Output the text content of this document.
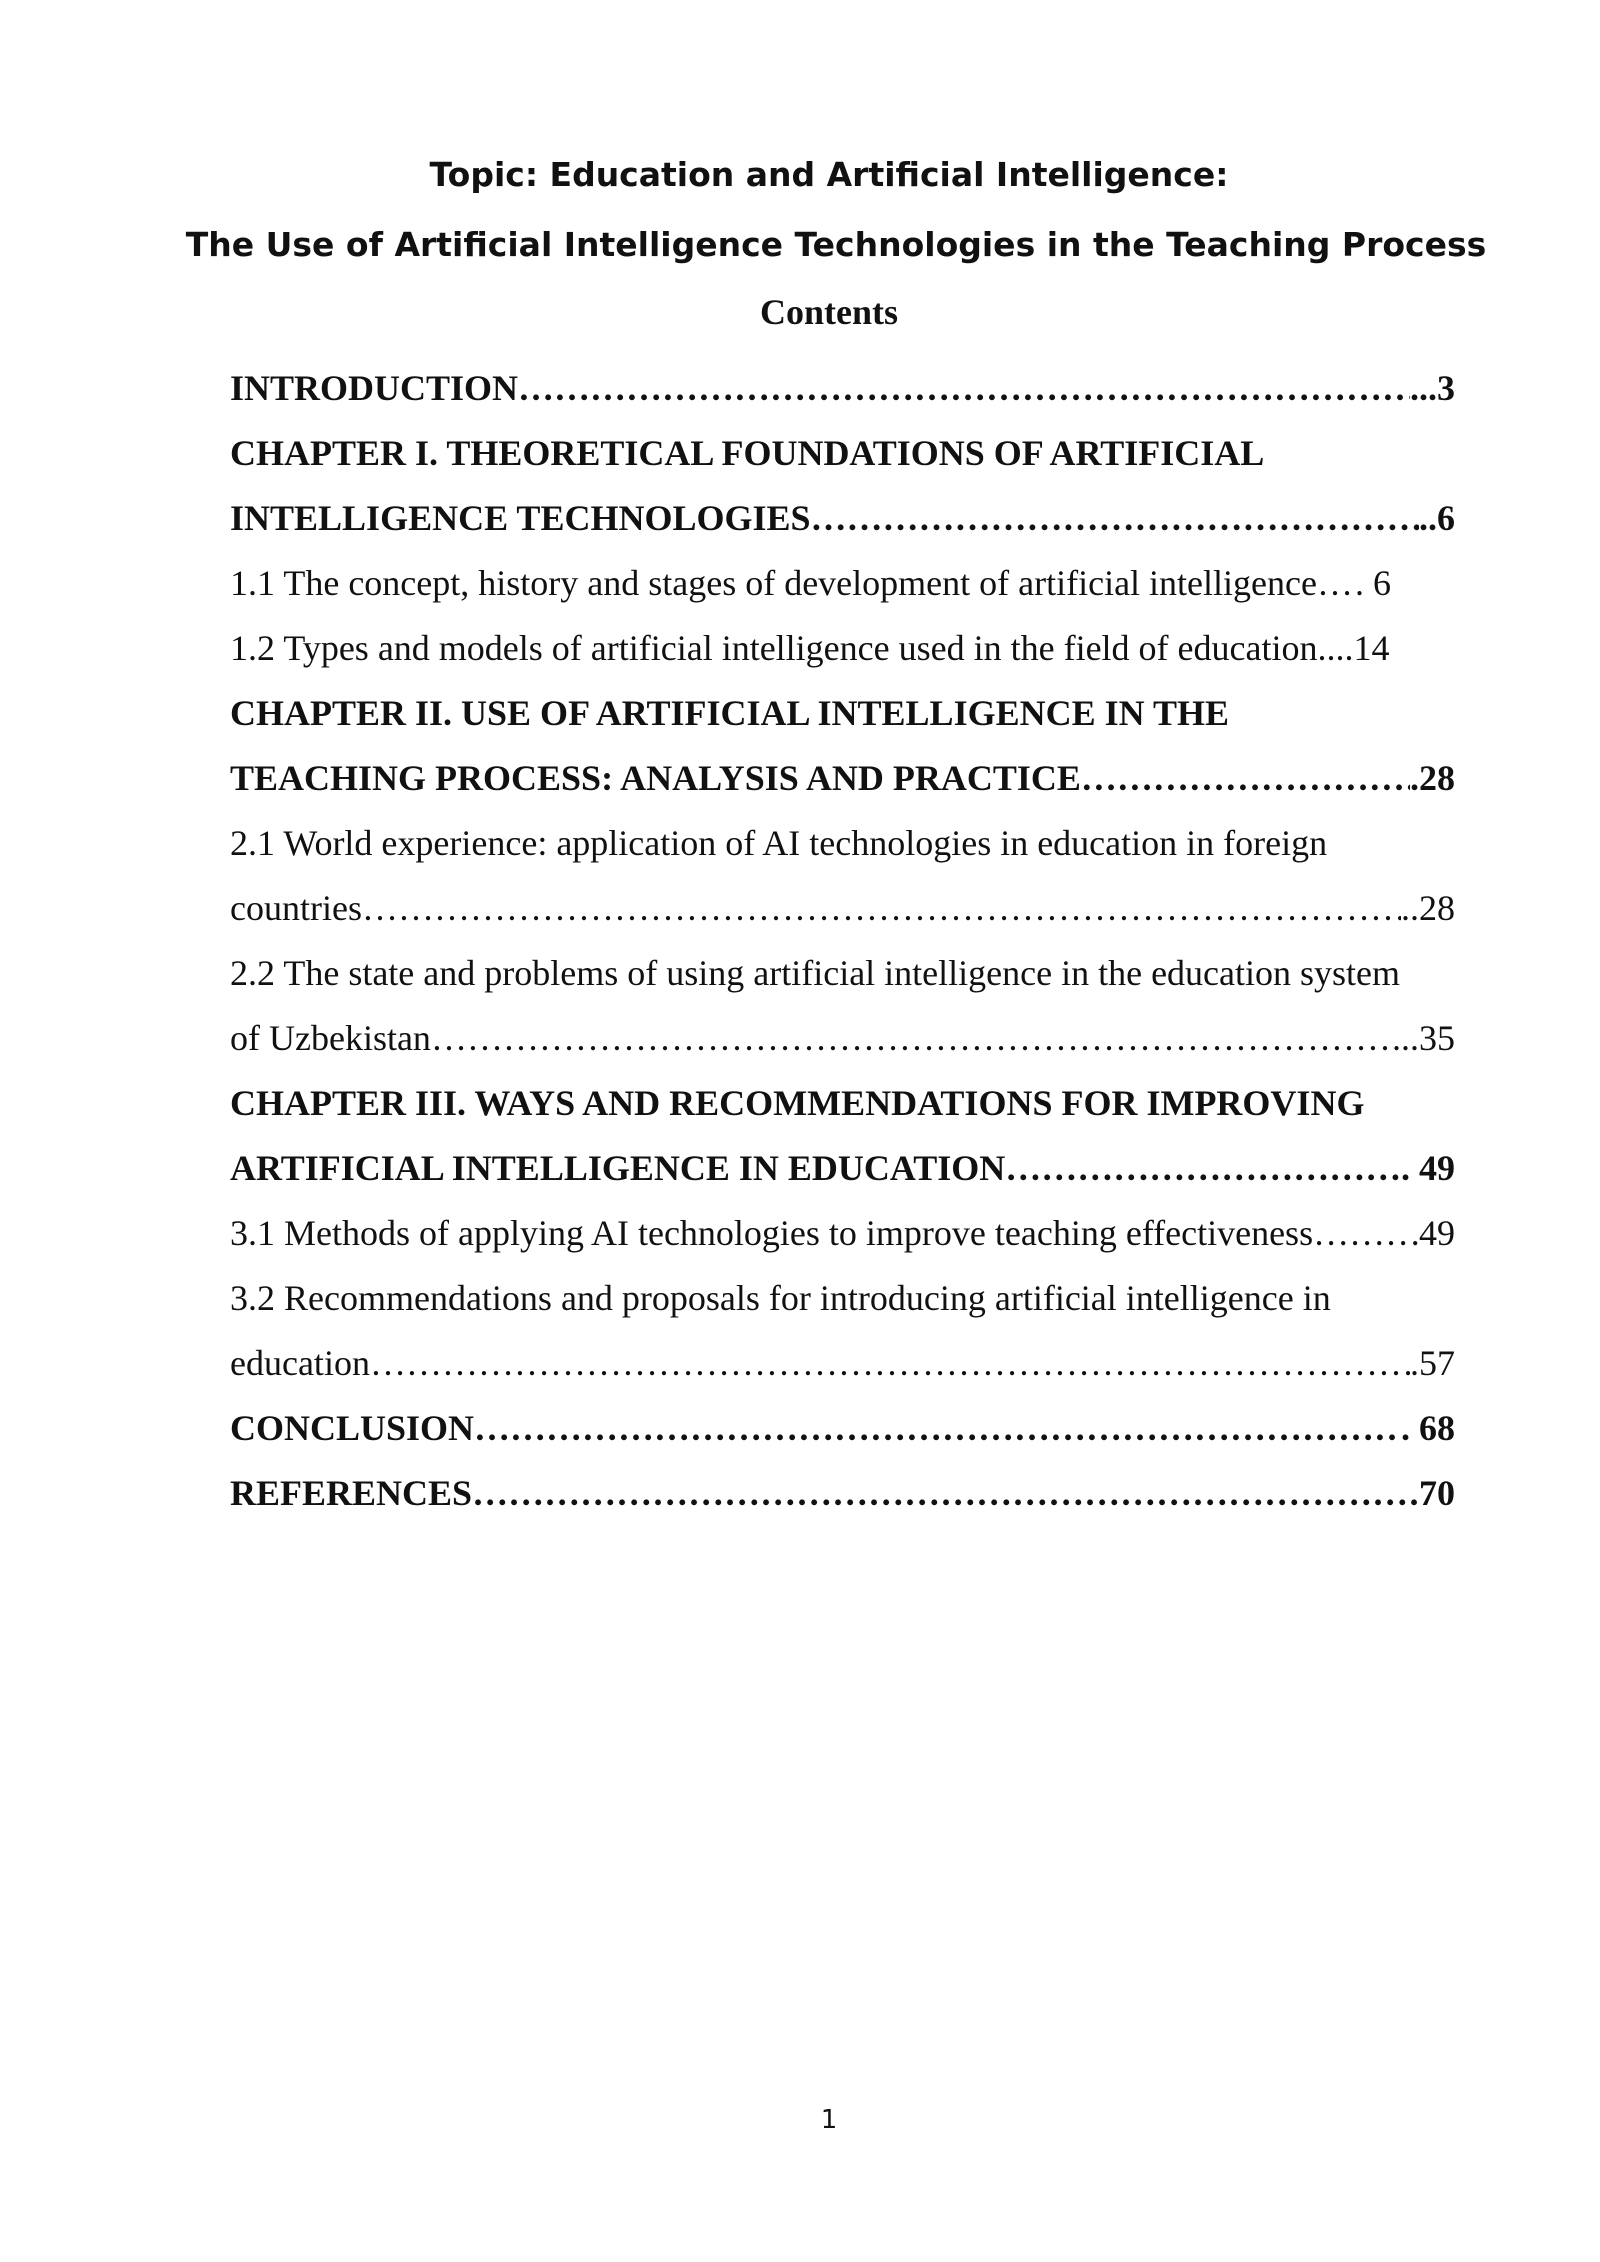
Topic: Education and Artificial Intelligence:
The Use of Artificial Intelligence Technologies in the Teaching Process
Contents
INTRODUCTION …………………………………………………………………………………………………………………………………………………………………………………………	...3
CHAPTER I. THEORETICAL FOUNDATIONS OF ARTIFICIAL
INTELLIGENCE TECHNOLOGIES …………………………………………………………………………………………………………………………………………………………………………………………	..6
1.1 The concept, history and stages of development of artificial intelligence ………………………………………………………………………………………………………………………………………………………………………………………… . 6
1.2 Types and models of artificial intelligence used in the field of education....14
CHAPTER II. USE OF ARTIFICIAL INTELLIGENCE IN THE
TEACHING PROCESS: ANALYSIS AND PRACTICE …………………………………………………………………………………………………………………………………………………………………………………………	.28
2.1 World experience: application of AI technologies in education in foreign
countries …………………………………………………………………………………………………………………………………………………………………………………………	..28
2.2 The state and problems of using artificial intelligence in the education system
of Uzbekistan …………………………………………………………………………………………………………………………………………………………………………………………	...35
CHAPTER III. WAYS AND RECOMMENDATIONS FOR IMPROVING
ARTIFICIAL INTELLIGENCE IN EDUCATION …………………………………………………………………………………………………………………………………………………………………………………………	. 49
3.1 Methods of applying AI technologies to improve teaching effectiveness …………………………………………………………………………………………………………………………………………………………………………………………	49
3.2 Recommendations and proposals for introducing artificial intelligence in
education …………………………………………………………………………………………………………………………………………………………………………………………	.57
CONCLUSION …………………………………………………………………………………………………………………………………………………………………………………………	. 68
REFERENCES …………………………………………………………………………………………………………………………………………………………………………………………	70
1
